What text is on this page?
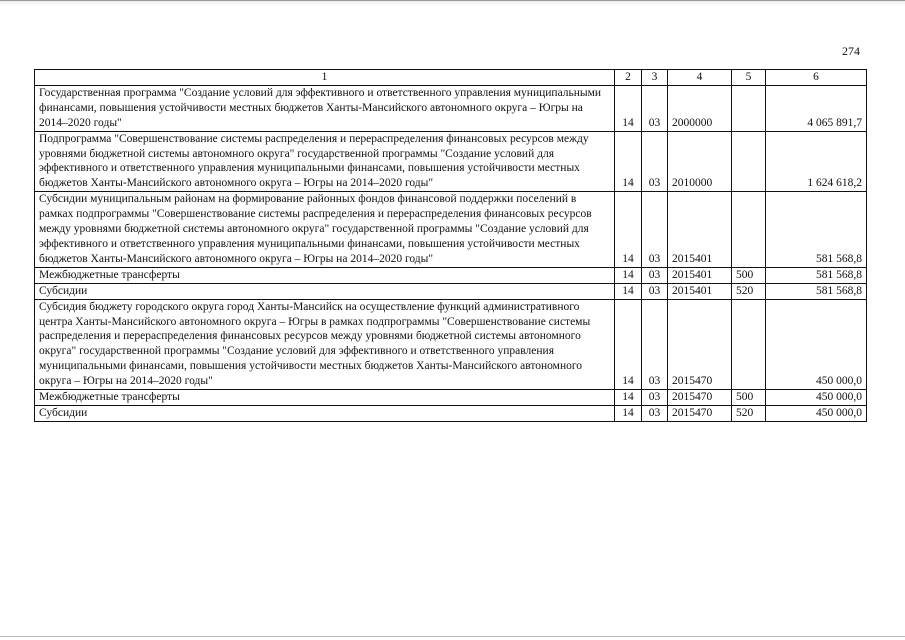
274
1	2	3	4	5	6
Государственная программа "Создание условий для эффективного и ответственного управления муниципальными финансами, повышения устойчивости местных бюджетов Ханты-Мансийского автономного округа – Югры на 2014–2020 годы"	14	03	2000000		4 065 891,7
Подпрограмма "Совершенствование системы распределения и перераспределения финансовых ресурсов между уровнями бюджетной системы автономного округа" государственной программы "Создание условий для эффективного и ответственного управления муниципальными финансами, повышения устойчивости местных бюджетов Ханты-Мансийского автономного округа – Югры на 2014–2020 годы"	14	03	2010000		1 624 618,2
Субсидии муниципальным районам на формирование районных фондов финансовой поддержки поселений в рамках подпрограммы "Совершенствование системы распределения и перераспределения финансовых ресурсов между уровнями бюджетной системы автономного округа" государственной программы "Создание условий для эффективного и ответственного управления муниципальными финансами, повышения устойчивости местных бюджетов Ханты-Мансийского автономного округа – Югры на 2014–2020 годы"	14	03	2015401		581 568,8
Межбюджетные трансферты	14	03	2015401	500	581 568,8
Субсидии	14	03	2015401	520	581 568,8
Субсидия бюджету городского округа город Ханты-Мансийск на осуществление функций административного центра Ханты-Мансийского автономного округа – Югры в рамках подпрограммы "Совершенствование системы распределения и перераспределения финансовых ресурсов между уровнями бюджетной системы автономного округа" государственной программы "Создание условий для эффективного и ответственного управления муниципальными финансами, повышения устойчивости местных бюджетов Ханты-Мансийского автономного округа – Югры на 2014–2020 годы"	14	03	2015470		450 000,0
Межбюджетные трансферты	14	03	2015470	500	450 000,0
Субсидии	14	03	2015470	520	450 000,0
